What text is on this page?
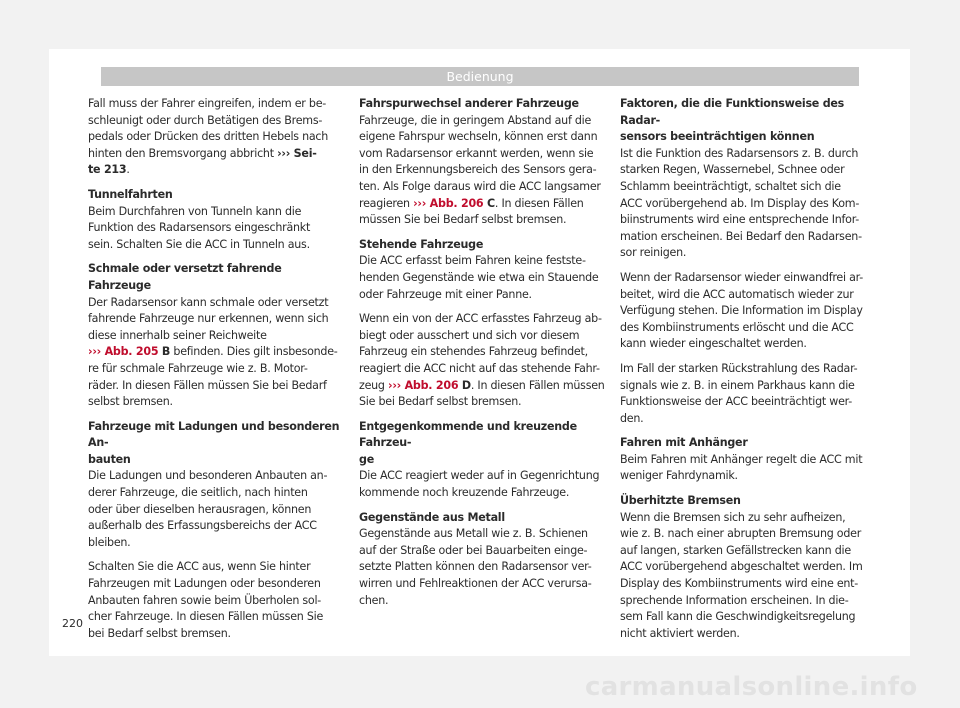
Bedienung

Fall muss der Fahrer eingreifen, indem er be-
schleunigt oder durch Betätigen des Brems-
pedals oder Drücken des dritten Hebels nach
hinten den Bremsvorgang abbricht ››› Sei-
te 213.

Tunnelfahrten

Beim Durchfahren von Tunneln kann die
Funktion des Radarsensors eingeschränkt
sein. Schalten Sie die ACC in Tunneln aus.

Schmale oder versetzt fahrende Fahrzeuge

Der Radarsensor kann schmale oder versetzt
fahrende Fahrzeuge nur erkennen, wenn sich
diese innerhalb seiner Reichweite
››› Abb. 205 B befinden. Dies gilt insbesonde-
re für schmale Fahrzeuge wie z. B. Motor-
räder. In diesen Fällen müssen Sie bei Bedarf
selbst bremsen.

Fahrzeuge mit Ladungen und besonderen An-
bauten

Die Ladungen und besonderen Anbauten an-
derer Fahrzeuge, die seitlich, nach hinten
oder über dieselben herausragen, können
außerhalb des Erfassungsbereichs der ACC
bleiben.

Schalten Sie die ACC aus, wenn Sie hinter
Fahrzeugen mit Ladungen oder besonderen
Anbauten fahren sowie beim Überholen sol-
cher Fahrzeuge. In diesen Fällen müssen Sie
bei Bedarf selbst bremsen.

Fahrspurwechsel anderer Fahrzeuge

Fahrzeuge, die in geringem Abstand auf die
eigene Fahrspur wechseln, können erst dann
vom Radarsensor erkannt werden, wenn sie
in den Erkennungsbereich des Sensors gera-
ten. Als Folge daraus wird die ACC langsamer
reagieren ››› Abb. 206 C. In diesen Fällen
müssen Sie bei Bedarf selbst bremsen.

Stehende Fahrzeuge

Die ACC erfasst beim Fahren keine festste-
henden Gegenstände wie etwa ein Stauende
oder Fahrzeuge mit einer Panne.

Wenn ein von der ACC erfasstes Fahrzeug ab-
biegt oder ausschert und sich vor diesem
Fahrzeug ein stehendes Fahrzeug befindet,
reagiert die ACC nicht auf das stehende Fahr-
zeug ››› Abb. 206 D. In diesen Fällen müssen
Sie bei Bedarf selbst bremsen.

Entgegenkommende und kreuzende Fahrzeu-
ge

Die ACC reagiert weder auf in Gegenrichtung
kommende noch kreuzende Fahrzeuge.

Gegenstände aus Metall

Gegenstände aus Metall wie z. B. Schienen
auf der Straße oder bei Bauarbeiten einge-
setzte Platten können den Radarsensor ver-
wirren und Fehlreaktionen der ACC verursa-
chen.

Faktoren, die die Funktionsweise des Radar-
sensors beeinträchtigen können

Ist die Funktion des Radarsensors z. B. durch
starken Regen, Wassernebel, Schnee oder
Schlamm beeinträchtigt, schaltet sich die
ACC vorübergehend ab. Im Display des Kom-
biinstruments wird eine entsprechende Infor-
mation erscheinen. Bei Bedarf den Radarsen-
sor reinigen.

Wenn der Radarsensor wieder einwandfrei ar-
beitet, wird die ACC automatisch wieder zur
Verfügung stehen. Die Information im Display
des Kombiinstruments erlöscht und die ACC
kann wieder eingeschaltet werden.

Im Fall der starken Rückstrahlung des Radar-
signals wie z. B. in einem Parkhaus kann die
Funktionsweise der ACC beeinträchtigt wer-
den.

Fahren mit Anhänger

Beim Fahren mit Anhänger regelt die ACC mit
weniger Fahrdynamik.

Überhitzte Bremsen

Wenn die Bremsen sich zu sehr aufheizen,
wie z. B. nach einer abrupten Bremsung oder
auf langen, starken Gefällstrecken kann die
ACC vorübergehend abgeschaltet werden. Im
Display des Kombiinstruments wird eine ent-
sprechende Information erscheinen. In die-
sem Fall kann die Geschwindigkeitsregelung
nicht aktiviert werden.

220
carmanualsonline.info
